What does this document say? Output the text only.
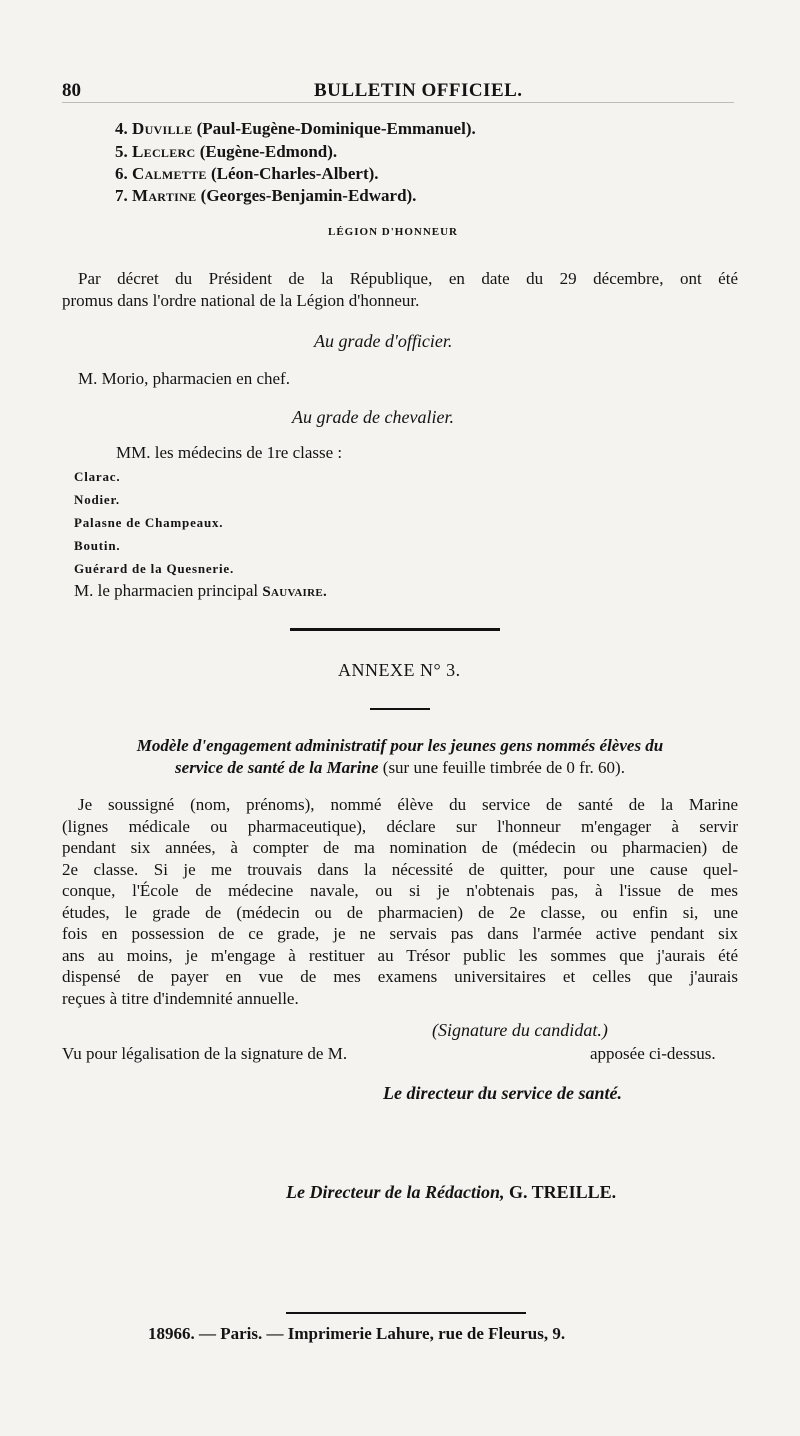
80	BULLETIN OFFICIEL.
4. Duville (Paul-Eugène-Dominique-Emmanuel).
5. Leclerc (Eugène-Edmond).
6. Calmette (Léon-Charles-Albert).
7. Martine (Georges-Benjamin-Edward).
LÉGION D'HONNEUR
Par décret du Président de la République, en date du 29 décembre, ont été
promus dans l'ordre national de la Légion d'honneur.
Au grade d'officier.
M. Morio, pharmacien en chef.
Au grade de chevalier.
MM. les médecins de 1re classe :
Clarac.
Nodier.
Palasne de Champeaux.
Boutin.
Guérard de la Quesnerie.
M. le pharmacien principal Sauvaire.
ANNEXE N° 3.
Modèle d'engagement administratif pour les jeunes gens nommés élèves du
service de santé de la Marine (sur une feuille timbrée de 0 fr. 60).
Je soussigné (nom, prénoms), nommé élève du service de santé de la Marine
(lignes médicale ou pharmaceutique), déclare sur l'honneur m'engager à servir
pendant six années, à compter de ma nomination de (médecin ou pharmacien) de
2e classe. Si je me trouvais dans la nécessité de quitter, pour une cause quel-
conque, l'École de médecine navale, ou si je n'obtenais pas, à l'issue de mes
études, le grade de (médecin ou de pharmacien) de 2e classe, ou enfin si, une
fois en possession de ce grade, je ne servais pas dans l'armée active pendant six
ans au moins, je m'engage à restituer au Trésor public les sommes que j'aurais été
dispensé de payer en vue de mes examens universitaires et celles que j'aurais
reçues à titre d'indemnité annuelle.
(Signature du candidat.)
Vu pour légalisation de la signature de M.	apposée ci-dessus.
Le directeur du service de santé.
Le Directeur de la Rédaction, G. TREILLE.
18966. — Paris. — Imprimerie Lahure, rue de Fleurus, 9.
